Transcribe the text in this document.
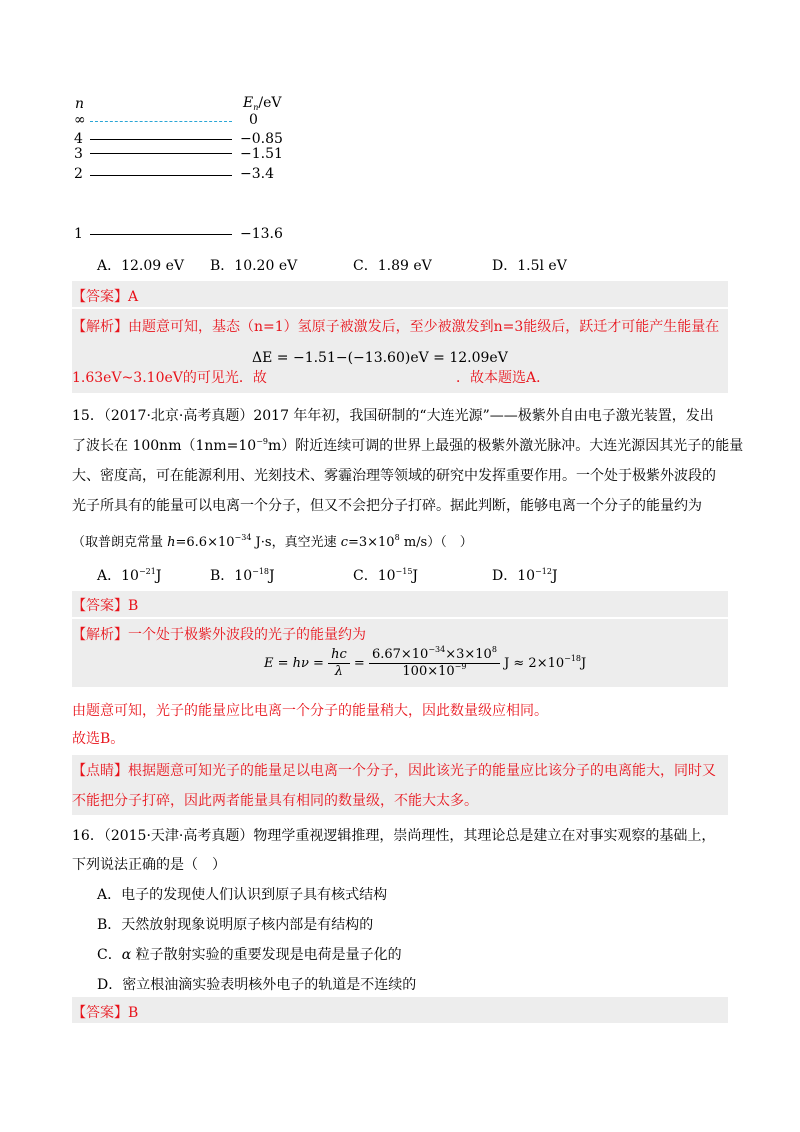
n	$E_n/eV$
∞	0
4	−0.85
3	−1.51
2	−3.4
1	−13.6
A．12.09 eV B．10.20 eV	C．1.89 eV	D．1.5l eV
【答案】A
【解析】由题意可知，基态（n=1）氢原子被激发后，至少被激发到n=3能级后，跃迁才可能产生能量在
ΔE = −1.51−(−13.60)eV = 12.09eV
1.63eV~3.10eV的可见光．故	．故本题选A．
15．（2017·北京·高考真题）2017 年年初，我国研制的“大连光源”——极紫外自由电子激光装置，发出
了波长在 $100nm(1nm=10^{-9}m)$附近连续可调的世界上最强的极紫外激光脉冲。大连光源因其光子的能量
大、密度高，可在能源利用、光刻技术、雾霾治理等领域的研究中发挥重要作用。一个处于极紫外波段的
光子所具有的能量可以电离一个分子，但又不会把分子打碎。据此判断，能够电离一个分子的能量约为
（取普朗克常量 $h=6.6\times 10^{-34}$ J·s，真空光速 $c=3\times 10^8$ m/s）（　）
A．$10^{-21}J$	B．$10^{-18}J$	C．$10^{-15}J$	D．$10^{-12}J$
【答案】B
【解析】一个处于极紫外波段的光子的能量约为
$E = h\nu = \frac{hc}{\lambda} = \frac{6.67\times 10^{-34}\times 3\times 10^8}{100\times 10^{-9}}$ $J \approx 2\times 10^{-18}J$
由题意可知，光子的能量应比电离一个分子的能量稍大，因此数量级应相同。
故选B。
【点睛】根据题意可知光子的能量足以电离一个分子，因此该光子的能量应比该分子的电离能大，同时又
不能把分子打碎，因此两者能量具有相同的数量级，不能大太多。
16．（2015·天津·高考真题）物理学重视逻辑推理，崇尚理性，其理论总是建立在对事实观察的基础上，
下列说法正确的是（　）
A．电子的发现使人们认识到原子具有核式结构
B．天然放射现象说明原子核内部是有结构的
C．α 粒子散射实验的重要发现是电荷是量子化的
D．密立根油滴实验表明核外电子的轨道是不连续的
【答案】B
